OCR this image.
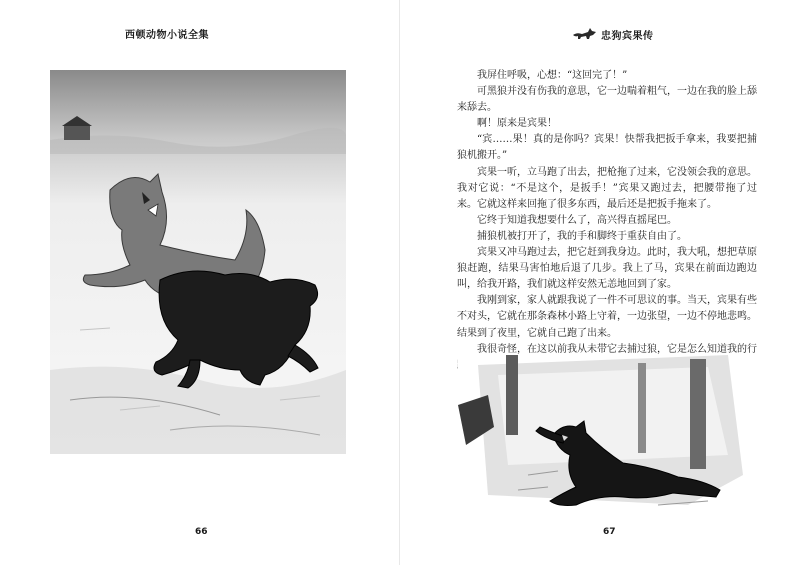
西顿动物小说全集
66
忠狗宾果传

我屏住呼吸，心想：“这回完了！”

可黑狼并没有伤我的意思，它一边喘着粗气，一边在我的脸上舔来舔去。

啊！原来是宾果！

“宾……果！真的是你吗？宾果！快帮我把扳手拿来，我要把捕狼机搬开。”

宾果一听，立马跑了出去，把枪拖了过来，它没领会我的意思。我对它说：“不是这个，是扳手！”宾果又跑过去，把腰带拖了过来。它就这样来回拖了很多东西，最后还是把扳手拖来了。

它终于知道我想要什么了，高兴得直摇尾巴。

捕狼机被打开了，我的手和脚终于重获自由了。

宾果又冲马跑过去，把它赶到我身边。此时，我大吼，想把草原狼赶跑，结果马害怕地后退了几步。我上了马，宾果在前面边跑边叫，给我开路，我们就这样安然无恙地回到了家。

我刚到家，家人就跟我说了一件不可思议的事。当天，宾果有些不对头，它就在那条森林小路上守着，一边张望，一边不停地悲鸣。结果到了夜里，它就自己跑了出来。

我很奇怪，在这以前我从未带它去捕过狼，它是怎么知道我的行

67
